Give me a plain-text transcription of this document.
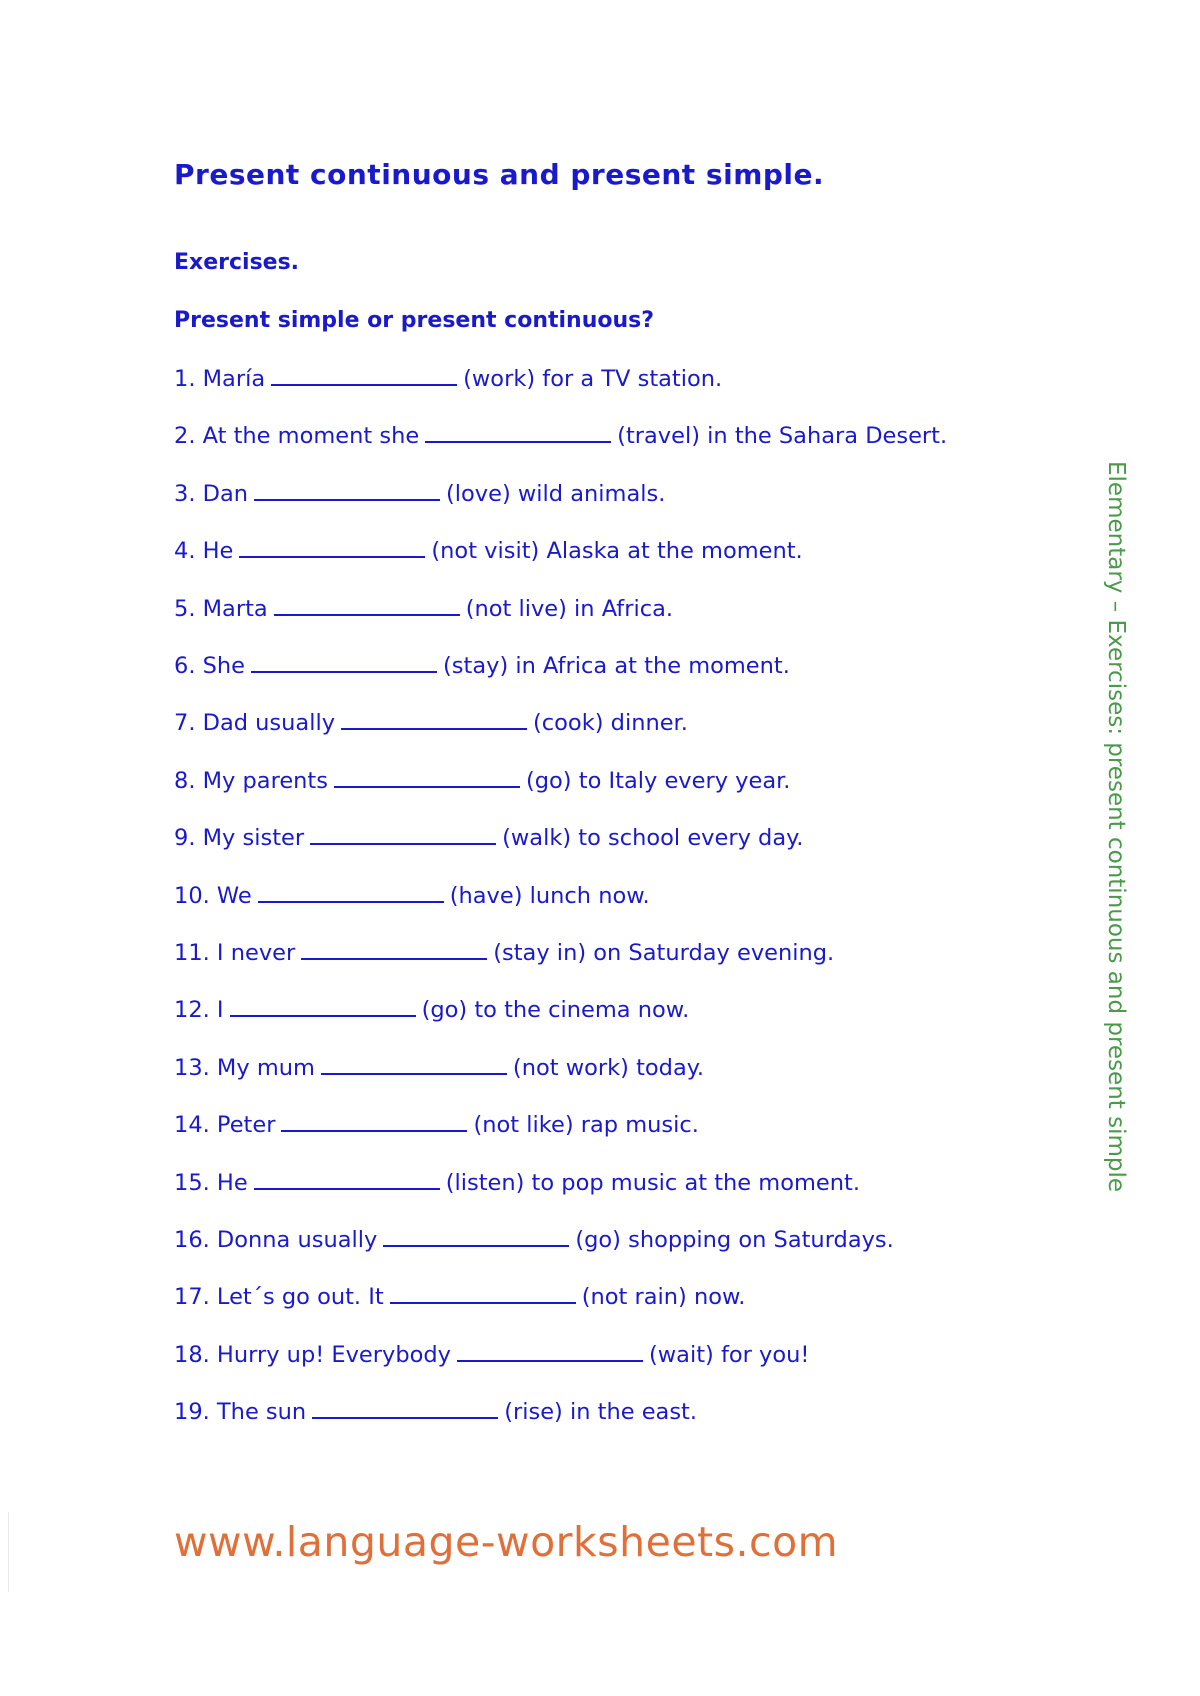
Present continuous and present simple.
Exercises.
Present simple or present continuous?
1. María	(work) for a TV station.
2. At the moment she	(travel) in the Sahara Desert.
3. Dan	(love) wild animals.
4. He	(not visit) Alaska at the moment.
5. Marta	(not live) in Africa.
6. She	(stay) in Africa at the moment.
7. Dad usually	(cook) dinner.
8. My parents	(go) to Italy every year.
9. My sister	(walk) to school every day.
10. We	(have) lunch now.
11. I never	(stay in) on Saturday evening.
12. I	(go) to the cinema now.
13. My mum	(not work) today.
14. Peter	(not like) rap music.
15. He	(listen) to pop music at the moment.
16. Donna usually	(go) shopping on Saturdays.
17. Let´s go out. It	(not rain) now.
18. Hurry up! Everybody	(wait) for you!
19. The sun	(rise) in the east.
Elementary – Exercises: present continuous and present simple
www.language-worksheets.com
